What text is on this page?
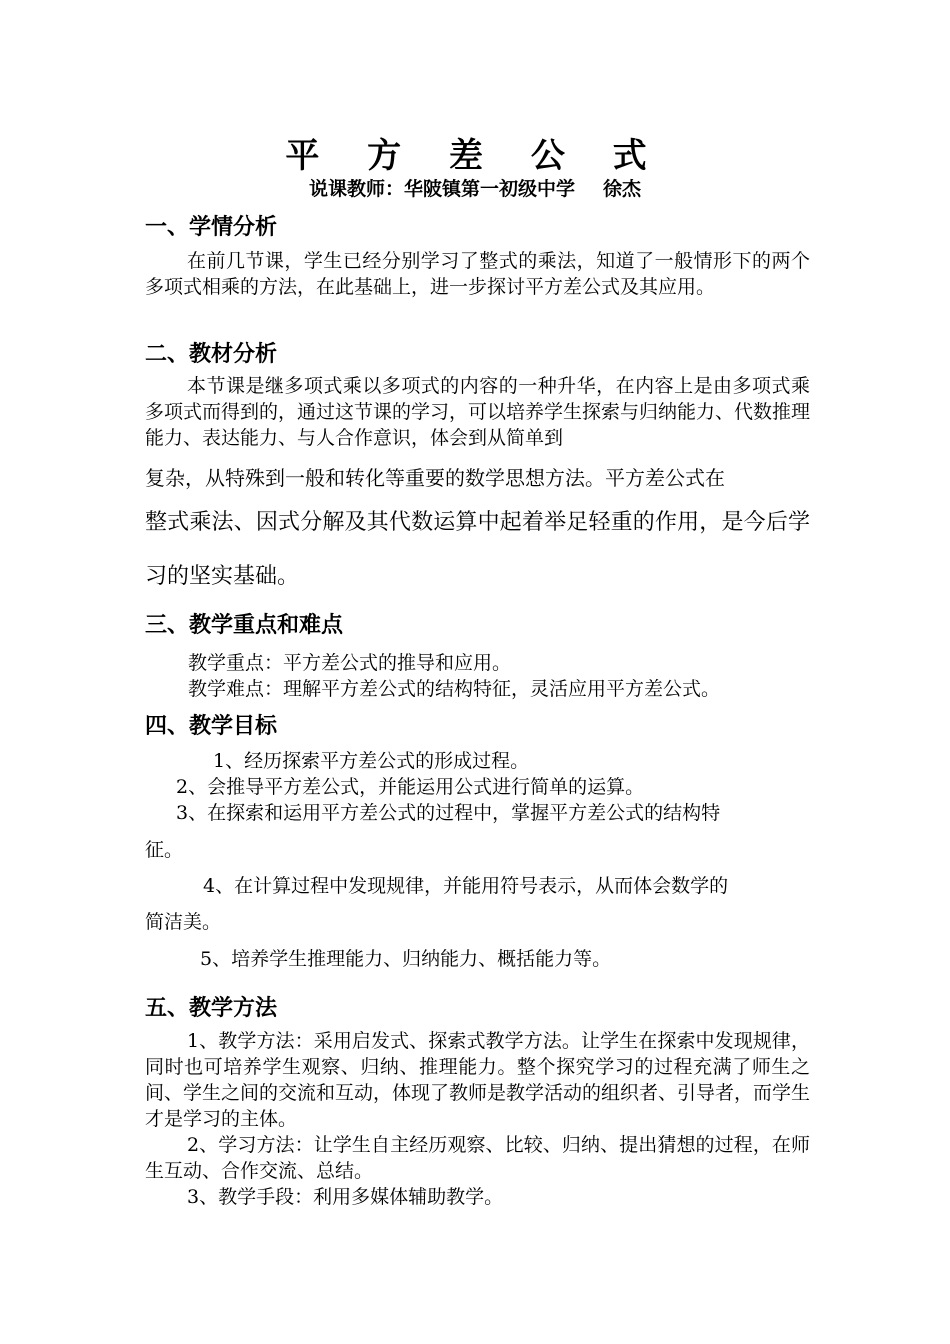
平 方 差 公 式
说课教师：华陂镇第一初级中学 徐杰
一、学情分析
在前几节课，学生已经分别学习了整式的乘法，知道了一般情形下的两个多项式相乘的方法，在此基础上，进一步探讨平方差公式及其应用。
二、教材分析
本节课是继多项式乘以多项式的内容的一种升华，在内容上是由多项式乘多项式而得到的，通过这节课的学习，可以培养学生探索与归纳能力、代数推理能力、表达能力、与人合作意识，体会到从简单到
复杂，从特殊到一般和转化等重要的数学思想方法。平方差公式在
整式乘法、因式分解及其代数运算中起着举足轻重的作用，是今后学习的坚实基础。
三、教学重点和难点
教学重点：平方差公式的推导和应用。
教学难点：理解平方差公式的结构特征，灵活应用平方差公式。
四、教学目标
1、经历探索平方差公式的形成过程。
2、会推导平方差公式，并能运用公式进行简单的运算。
3、在探索和运用平方差公式的过程中，掌握平方差公式的结构特
征。
4、在计算过程中发现规律，并能用符号表示，从而体会数学的
简洁美。
5、培养学生推理能力、归纳能力、概括能力等。
五、教学方法
1、教学方法：采用启发式、探索式教学方法。让学生在探索中发现规律，同时也可培养学生观察、归纳、推理能力。整个探究学习的过程充满了师生之间、学生之间的交流和互动，体现了教师是教学活动的组织者、引导者，而学生才是学习的主体。
2、学习方法：让学生自主经历观察、比较、归纳、提出猜想的过程，在师生互动、合作交流、总结。
3、教学手段：利用多媒体辅助教学。
